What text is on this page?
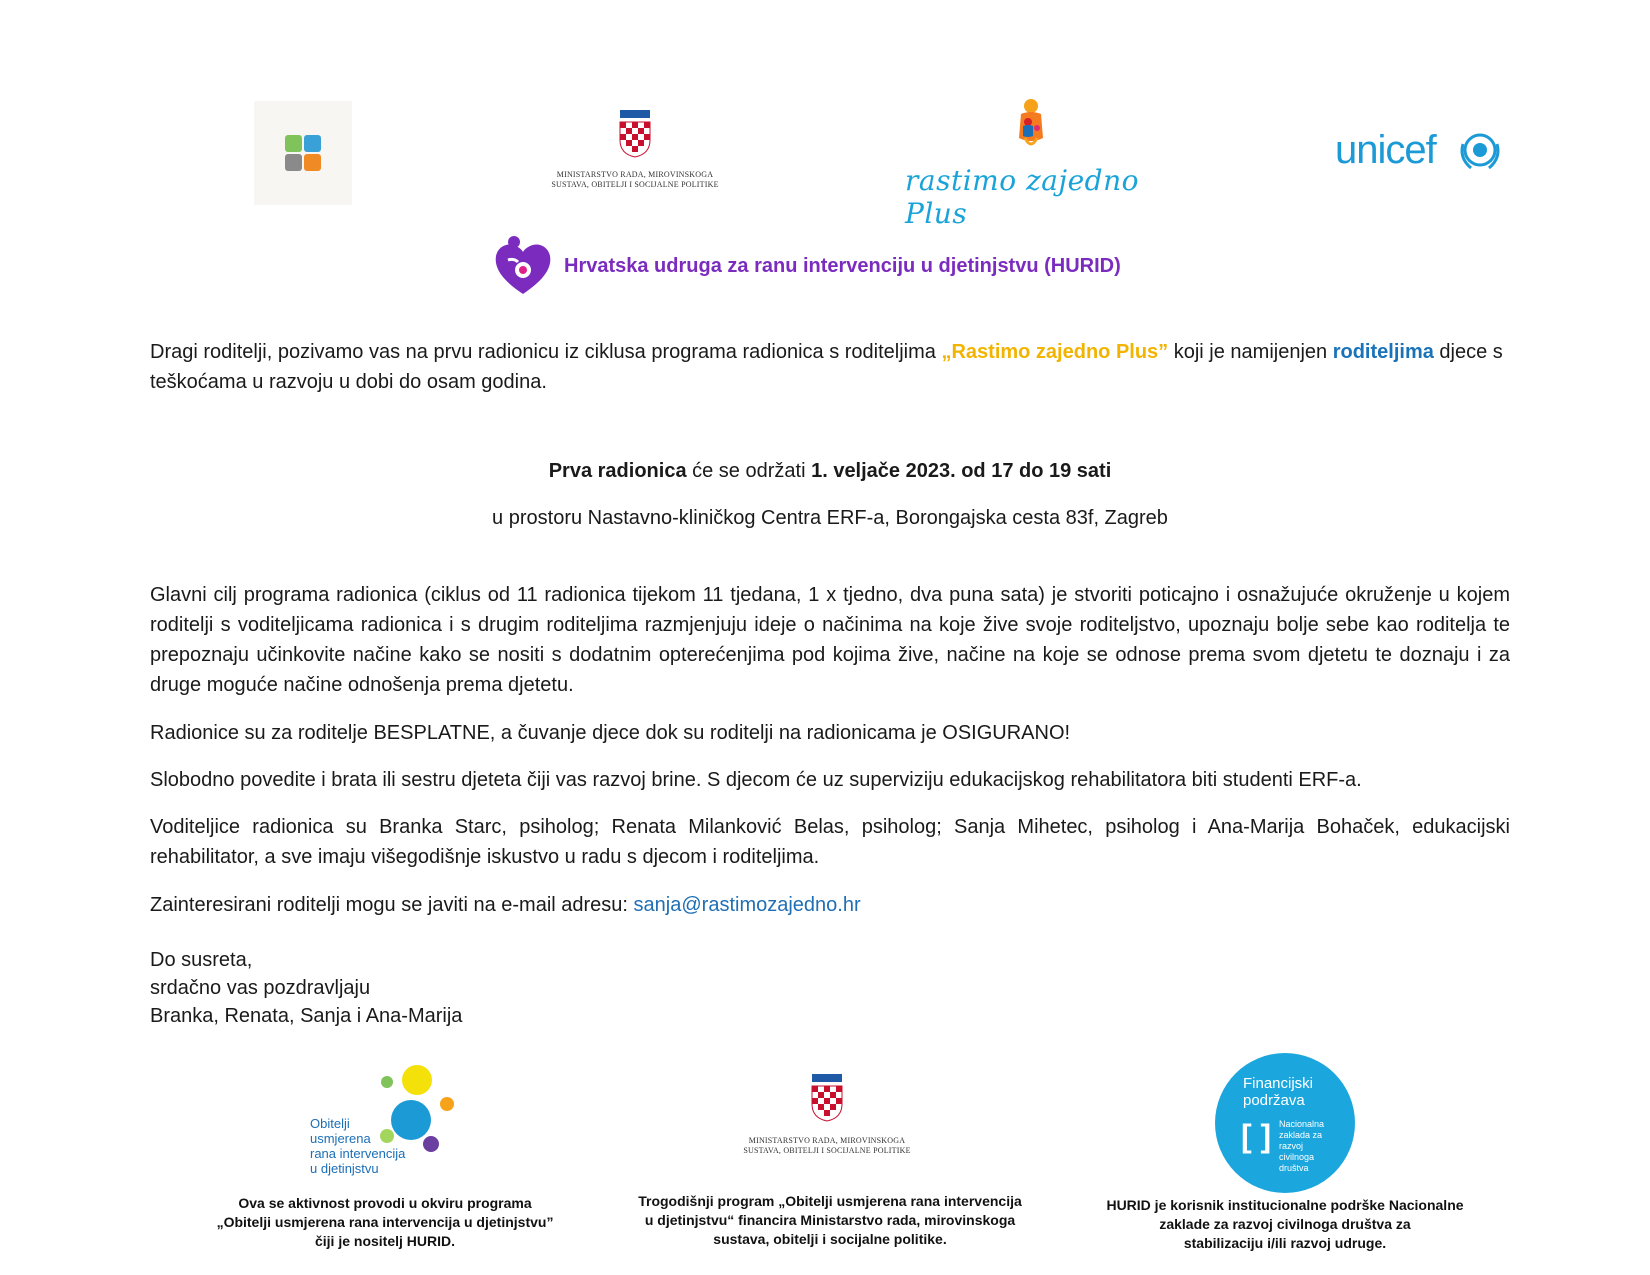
MINISTARSTVO RADA, MIROVINSKOGA
SUSTAVA, OBITELJI I SOCIJALNE POLITIKE	rastimo zajedno Plus
unicef
Hrvatska udruga za ranu intervenciju u djetinjstvu (HURID)
Dragi roditelji, pozivamo vas na prvu radionicu iz ciklusa programa radionica s roditeljima „Rastimo zajedno Plus” koji je namijenjen roditeljima djece s teškoćama u razvoju u dobi do osam godina.
Prva radionica će se održati 1. veljače 2023. od 17 do 19 sati
u prostoru Nastavno-kliničkog Centra ERF-a, Borongajska cesta 83f, Zagreb
Glavni cilj programa radionica (ciklus od 11 radionica tijekom 11 tjedana, 1 x tjedno, dva puna sata) je stvoriti poticajno i osnažujuće okruženje u kojem roditelji s voditeljicama radionica i s drugim roditeljima razmjenjuju ideje o načinima na koje žive svoje roditeljstvo, upoznaju bolje sebe kao roditelja te prepoznaju učinkovite načine kako se nositi s dodatnim opterećenjima pod kojima žive, načine na koje se odnose prema svom djetetu te doznaju i za druge moguće načine odnošenja prema djetetu.
Radionice su za roditelje BESPLATNE, a čuvanje djece dok su roditelji na radionicama je OSIGURANO!
Slobodno povedite i brata ili sestru djeteta čiji vas razvoj brine. S djecom će uz superviziju edukacijskog rehabilitatora biti studenti ERF-a.
Voditeljice radionica su Branka Starc, psiholog; Renata Milanković Belas, psiholog; Sanja Mihetec, psiholog i Ana-Marija Bohaček, edukacijski rehabilitator, a sve imaju višegodišnje iskustvo u radu s djecom i roditeljima.
Zainteresirani roditelji mogu se javiti na e-mail adresu: sanja@rastimozajedno.hr
Do susreta,
srdačno vas pozdravljaju
Branka, Renata, Sanja i Ana-Marija
Obitelji
usmjerena
rana intervencija
u djetinjstvu
Ova se aktivnost provodi u okviru programa
„Obitelji usmjerena rana intervencija u djetinjstvu”
čiji je nositelj HURID.
MINISTARSTVO RADA, MIROVINSKOGA
SUSTAVA, OBITELJI I SOCIJALNE POLITIKE
Trogodišnji program „Obitelji usmjerena rana intervencija
u djetinjstvu“ financira Ministarstvo rada, mirovinskoga
sustava, obitelji i socijalne politike.
Financijski
podržava
[ ] Nacionalna
zaklada za
razvoj
civilnoga
društva
HURID je korisnik institucionalne podrške Nacionalne
zaklade za razvoj civilnoga društva za
stabilizaciju i/ili razvoj udruge.
